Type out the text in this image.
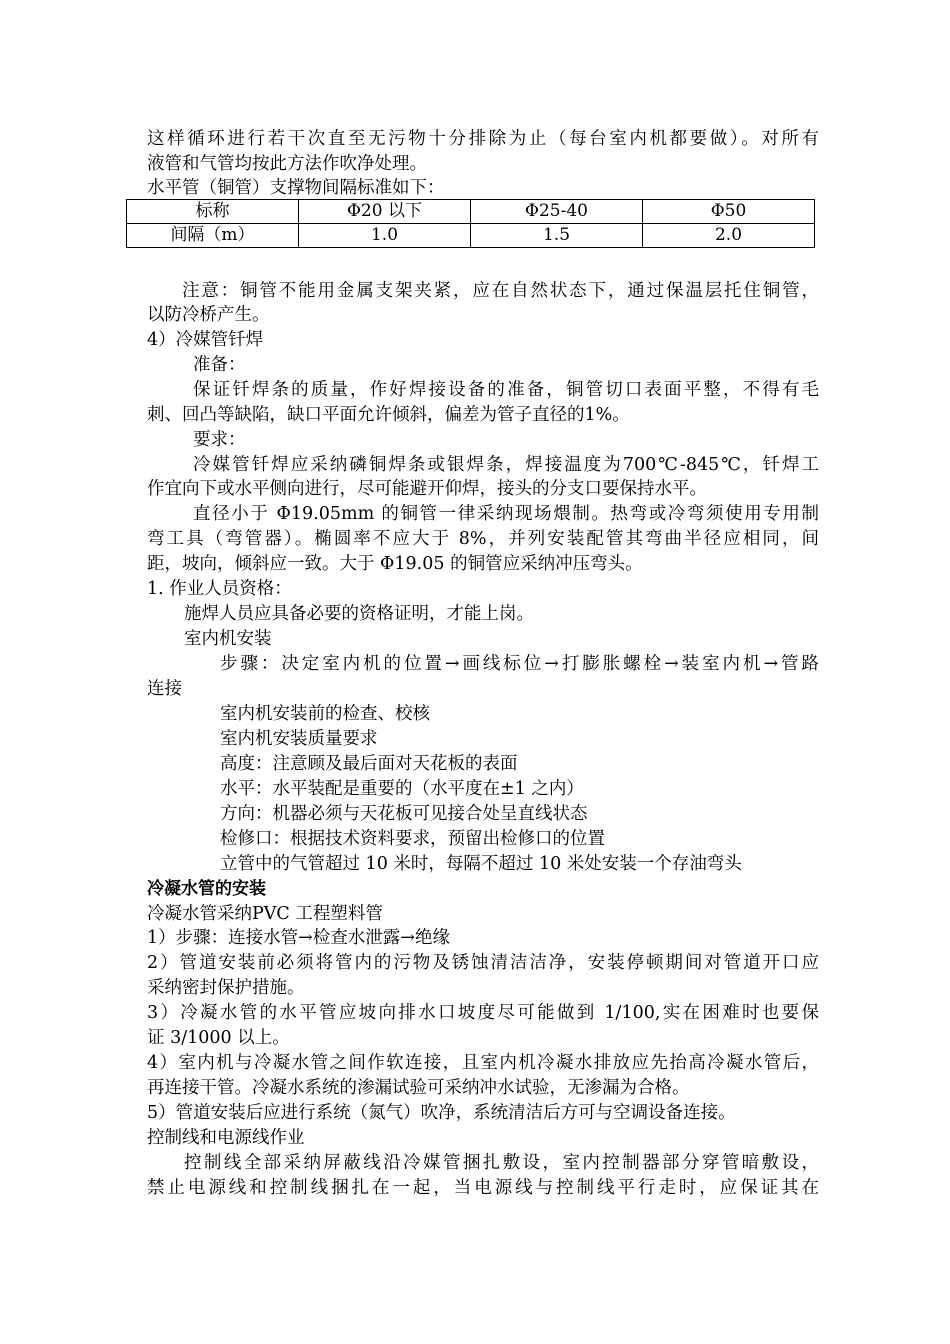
这样循环进行若干次直至无污物十分排除为止（每台室内机都要做）。对所有
液管和气管均按此方法作吹净处理。
水平管（铜管）支撑物间隔标准如下：
标称	Φ20 以下	Φ25-40	Φ50
间隔（m）	1.0	1.5	2.0
注意：铜管不能用金属支架夹紧，应在自然状态下，通过保温层托住铜管，
以防冷桥产生。
4）冷媒管钎焊
准备：
保证钎焊条的质量，作好焊接设备的准备，铜管切口表面平整，不得有毛
刺、回凸等缺陷，缺口平面允许倾斜，偏差为管子直径的1%。
要求：
冷媒管钎焊应采纳磷铜焊条或银焊条，焊接温度为700℃-845℃，钎焊工
作宜向下或水平侧向进行，尽可能避开仰焊，接头的分支口要保持水平。
直径小于 Φ19.05mm 的铜管一律采纳现场煨制。热弯或冷弯须使用专用制
弯工具（弯管器）。椭圆率不应大于 8%，并列安装配管其弯曲半径应相同，间
距，坡向，倾斜应一致。大于 Φ19.05 的铜管应采纳冲压弯头。
1. 作业人员资格：
施焊人员应具备必要的资格证明，才能上岗。
室内机安装
步骤：决定室内机的位置→画线标位→打膨胀螺栓→装室内机→管路
连接
室内机安装前的检查、校核
室内机安装质量要求
高度：注意顾及最后面对天花板的表面
水平：水平装配是重要的（水平度在±1 之内）
方向：机器必须与天花板可见接合处呈直线状态
检修口：根据技术资料要求，预留出检修口的位置
立管中的气管超过 10 米时，每隔不超过 10 米处安装一个存油弯头
冷凝水管的安装
冷凝水管采纳PVC 工程塑料管
1）步骤：连接水管→检查水泄露→绝缘
2）管道安装前必须将管内的污物及锈蚀清洁洁净，安装停顿期间对管道开口应
采纳密封保护措施。
3）冷凝水管的水平管应坡向排水口坡度尽可能做到 1/100,实在困难时也要保
证 3/1000 以上。
4）室内机与冷凝水管之间作软连接，且室内机冷凝水排放应先抬高冷凝水管后，
再连接干管。冷凝水系统的渗漏试验可采纳冲水试验，无渗漏为合格。
5）管道安装后应进行系统（氮气）吹净，系统清洁后方可与空调设备连接。
控制线和电源线作业
控制线全部采纳屏蔽线沿冷媒管捆扎敷设，室内控制器部分穿管暗敷设，
禁止电源线和控制线捆扎在一起，当电源线与控制线平行走时，应保证其在
